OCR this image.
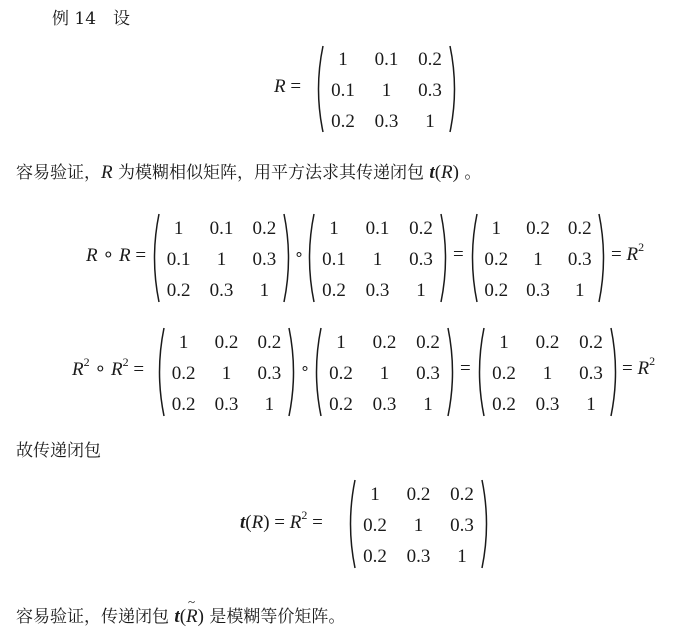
例 14　设
R =
1 0.1 0.2
0.1 1 0.3
0.2 0.3 1
容易验证，R 为模糊相似矩阵，用平方法求其传递闭包 t(R) 。
R ∘ R =
1 0.1 0.2
0.1 1 0.3
0.2 0.3 1
∘
1 0.1 0.2
0.1 1 0.3
0.2 0.3 1
=
1 0.2 0.2
0.2 1 0.3
0.2 0.3 1
= $R^2$
$R^2$ ∘ $R^2$ =
1 0.2 0.2
0.2 1 0.3
0.2 0.3 1
∘
1 0.2 0.2
0.2 1 0.3
0.2 0.3 1
=
1 0.2 0.2
0.2 1 0.3
0.2 0.3 1
= $R^2$
故传递闭包
$t(R) = R^2$ =
1 0.2 0.2
0.2 1 0.3
0.2 0.3 1
容易验证，传递闭包 t(R
~
) 是模糊等价矩阵。
